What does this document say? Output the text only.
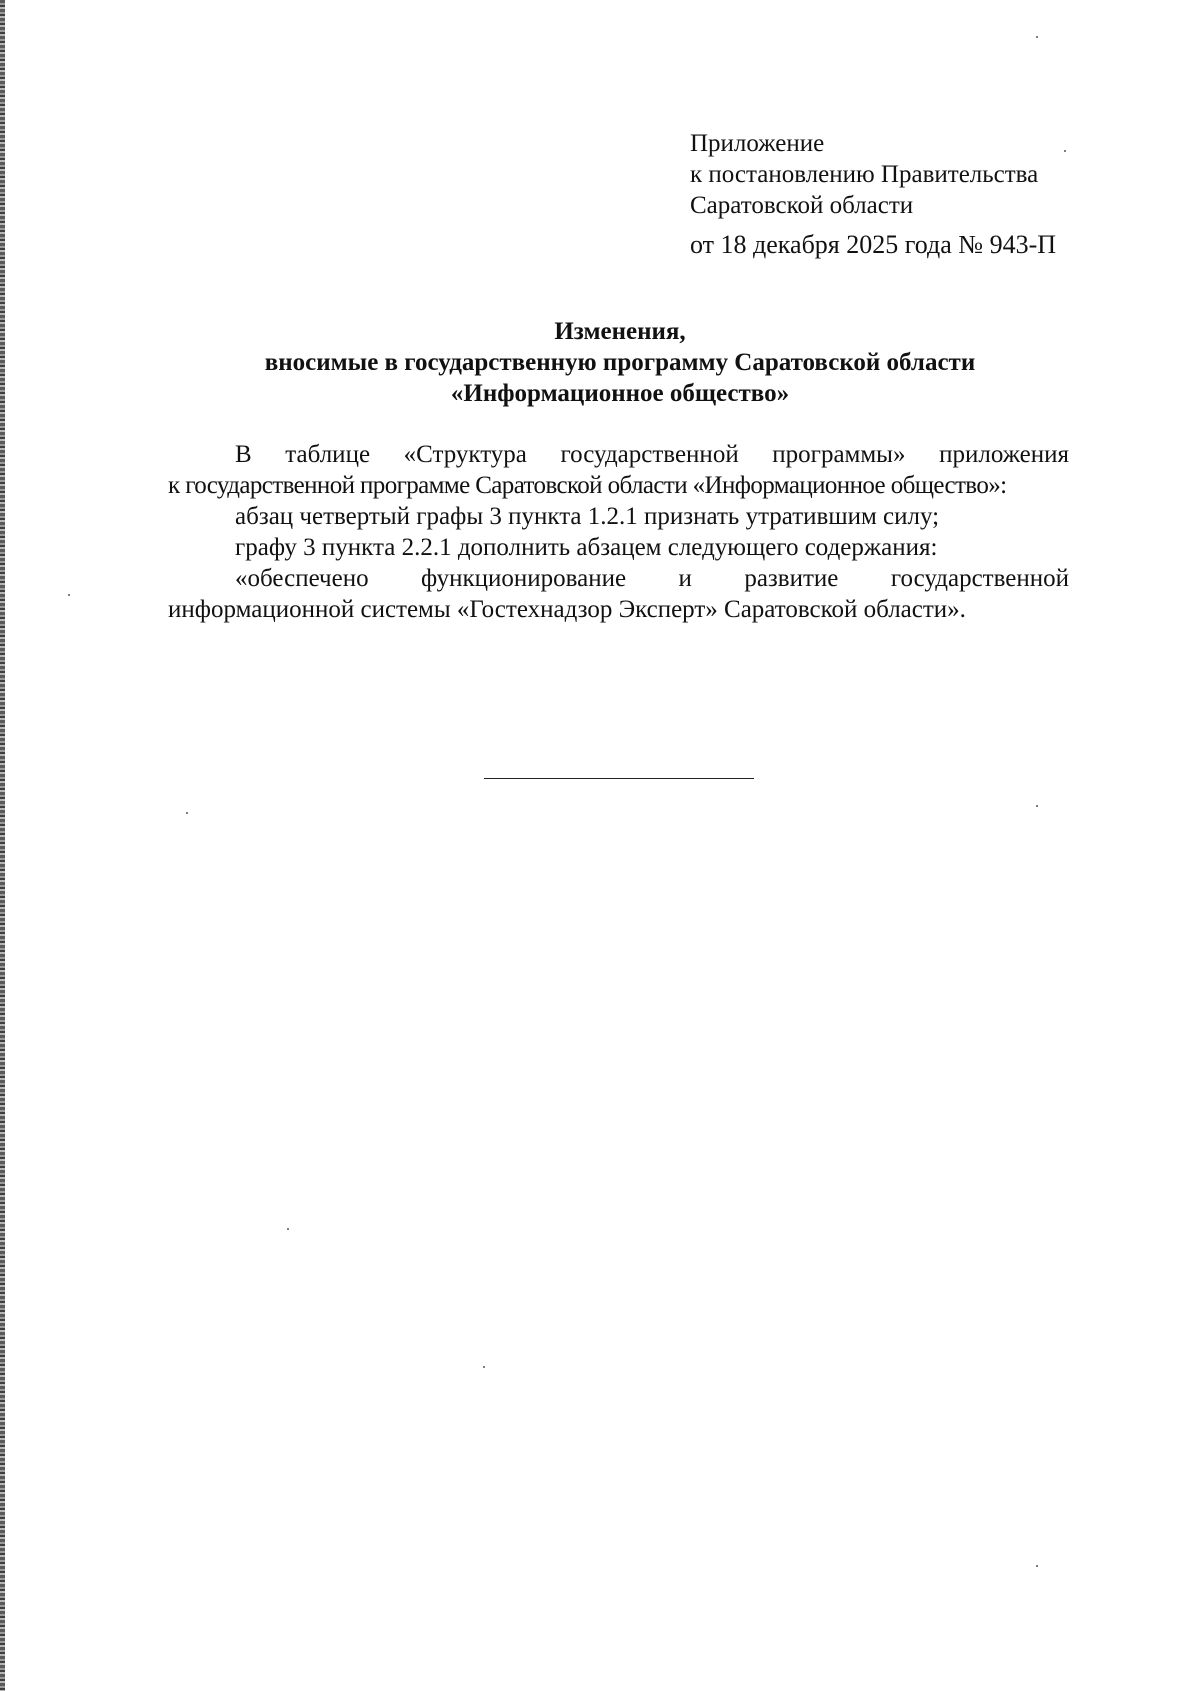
Приложение
к постановлению Правительства
Саратовской области
от 18 декабря 2025 года № 943-П
Изменения,
вносимые в государственную программу Саратовской области
«Информационное общество»
В таблице «Структура государственной программы» приложения
к государственной программе Саратовской области «Информационное общество»:
абзац четвертый графы 3 пункта 1.2.1 признать утратившим силу;
графу 3 пункта 2.2.1 дополнить абзацем следующего содержания:
«обеспечено функционирование и развитие государственной
информационной системы «Гостехнадзор Эксперт» Саратовской области».
